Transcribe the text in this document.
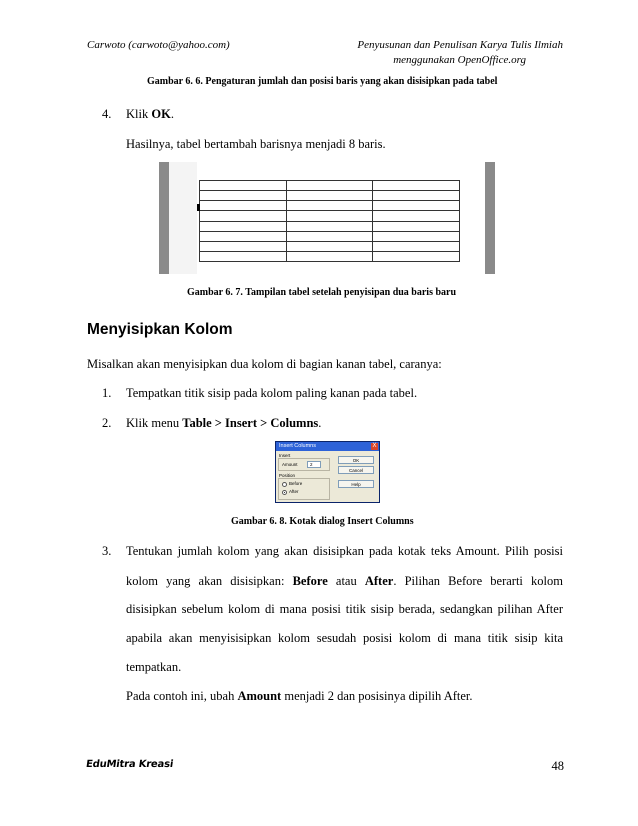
Carwoto (carwoto@yahoo.com)	Penyusunan dan Penulisan Karya Tulis Ilmiah
menggunakan OpenOffice.org
Gambar 6. 6. Pengaturan jumlah dan posisi baris yang akan disisipkan pada tabel
4. Klik OK.
Hasilnya, tabel bertambah barisnya menjadi 8 baris.

Gambar 6. 7. Tampilan tabel setelah penyisipan dua baris baru
Menyisipkan Kolom
Misalkan akan menyisipkan dua kolom di bagian kanan tabel, caranya:
1. Tempatkan titik sisip pada kolom paling kanan pada tabel.
2. Klik menu Table > Insert > Columns.
Insert Columns	X
Insert
Amount	2
Position
Before
After
OK
Cancel
Help
Gambar 6. 8. Kotak dialog Insert Columns
3. Tentukan jumlah kolom yang akan disisipkan pada kotak teks Amount. Pilih posisi
kolom yang akan disisipkan: Before atau After. Pilihan Before berarti kolom
disisipkan sebelum kolom di mana posisi titik sisip berada, sedangkan pilihan After
apabila akan menyisisipkan kolom sesudah posisi kolom di mana titik sisip kita
tempatkan.
Pada contoh ini, ubah Amount menjadi 2 dan posisinya dipilih After.
EduMitra Kreasi	48
